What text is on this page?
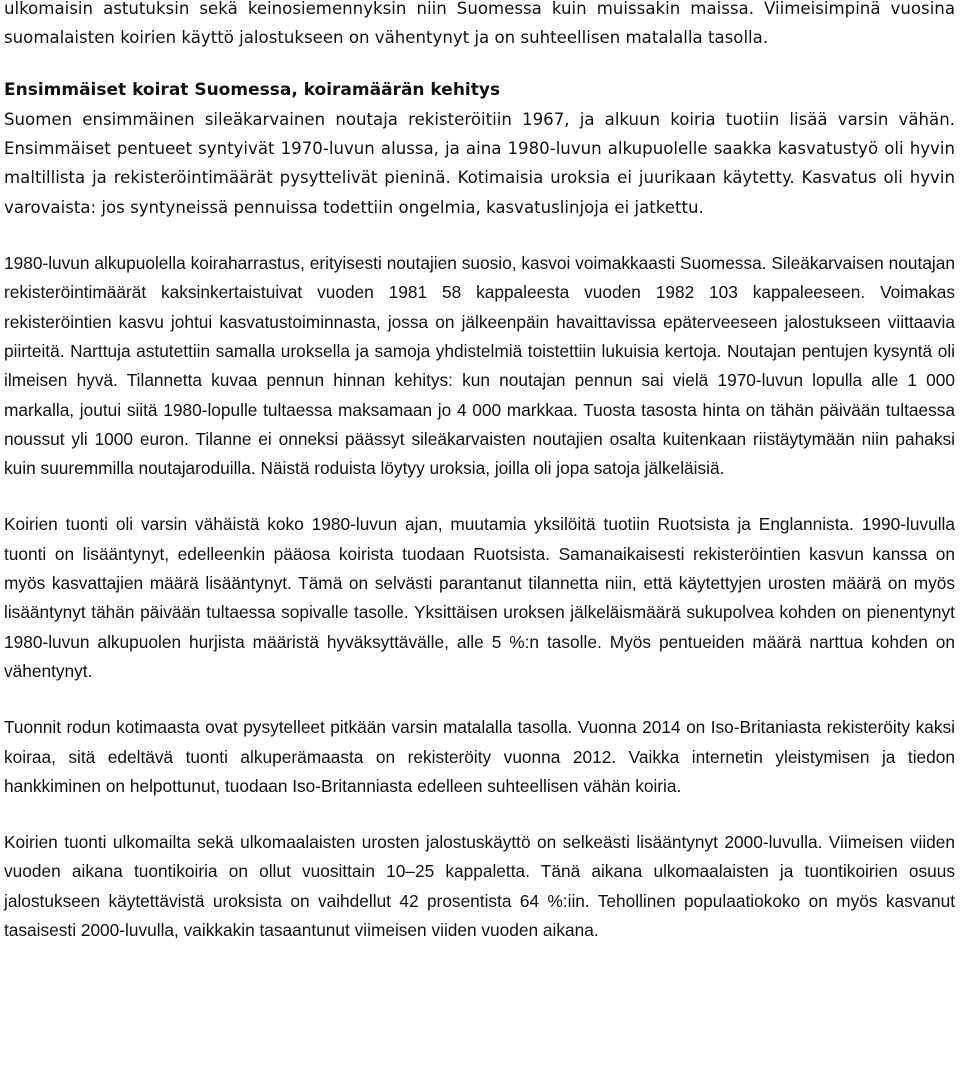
ulkomaisin astutuksin sekä keinosiemennyksin niin Suomessa kuin muissakin maissa. Viimeisimpinä vuosina suomalaisten koirien käyttö jalostukseen on vähentynyt ja on suhteellisen matalalla tasolla.

Ensimmäiset koirat Suomessa, koiramäärän kehitys

Suomen ensimmäinen sileäkarvainen noutaja rekisteröitiin 1967, ja alkuun koiria tuotiin lisää varsin vähän. Ensimmäiset pentueet syntyivät 1970-luvun alussa, ja aina 1980-luvun alkupuolelle saakka kasvatustyö oli hyvin maltillista ja rekisteröintimäärät pysyttelivät pieninä. Kotimaisia uroksia ei juurikaan käytetty. Kasvatus oli hyvin varovaista: jos syntyneissä pennuissa todettiin ongelmia, kasvatuslinjoja ei jatkettu.

1980-luvun alkupuolella koiraharrastus, erityisesti noutajien suosio, kasvoi voimakkaasti Suomessa. Sileäkarvaisen noutajan rekisteröintimäärät kaksinkertaistuivat vuoden 1981 58 kappaleesta vuoden 1982 103 kappaleeseen. Voimakas rekisteröintien kasvu johtui kasvatustoiminnasta, jossa on jälkeenpäin havaittavissa epäterveeseen jalostukseen viittaavia piirteitä. Narttuja astutettiin samalla uroksella ja samoja yhdistelmiä toistettiin lukuisia kertoja. Noutajan pentujen kysyntä oli ilmeisen hyvä. Tilannetta kuvaa pennun hinnan kehitys: kun noutajan pennun sai vielä 1970-luvun lopulla alle 1 000 markalla, joutui siitä 1980-lopulle tultaessa maksamaan jo 4 000 markkaa. Tuosta tasosta hinta on tähän päivään tultaessa noussut yli 1000 euron. Tilanne ei onneksi päässyt sileäkarvaisten noutajien osalta kuitenkaan riistäytymään niin pahaksi kuin suuremmilla noutajaroduilla. Näistä roduista löytyy uroksia, joilla oli jopa satoja jälkeläisiä.

Koirien tuonti oli varsin vähäistä koko 1980-luvun ajan, muutamia yksilöitä tuotiin Ruotsista ja Englannista. 1990-luvulla tuonti on lisääntynyt, edelleenkin pääosa koirista tuodaan Ruotsista. Samanaikaisesti rekisteröintien kasvun kanssa on myös kasvattajien määrä lisääntynyt. Tämä on selvästi parantanut tilannetta niin, että käytettyjen urosten määrä on myös lisääntynyt tähän päivään tultaessa sopivalle tasolle. Yksittäisen uroksen jälkeläismäärä sukupolvea kohden on pienentynyt 1980-luvun alkupuolen hurjista määristä hyväksyttävälle, alle 5 %:n tasolle. Myös pentueiden määrä narttua kohden on vähentynyt.

Tuonnit rodun kotimaasta ovat pysytelleet pitkään varsin matalalla tasolla. Vuonna 2014 on Iso-Britaniasta rekisteröity kaksi koiraa, sitä edeltävä tuonti alkuperämaasta on rekisteröity vuonna 2012. Vaikka internetin yleistymisen ja tiedon hankkiminen on helpottunut, tuodaan Iso-Britanniasta edelleen suhteellisen vähän koiria.

Koirien tuonti ulkomailta sekä ulkomaalaisten urosten jalostuskäyttö on selkeästi lisääntynyt 2000-luvulla. Viimeisen viiden vuoden aikana tuontikoiria on ollut vuosittain 10–25 kappaletta. Tänä aikana ulkomaalaisten ja tuontikoirien osuus jalostukseen käytettävistä uroksista on vaihdellut 42 prosentista 64 %:iin. Tehollinen populaatiokoko on myös kasvanut tasaisesti 2000-luvulla, vaikkakin tasaantunut viimeisen viiden vuoden aikana.
